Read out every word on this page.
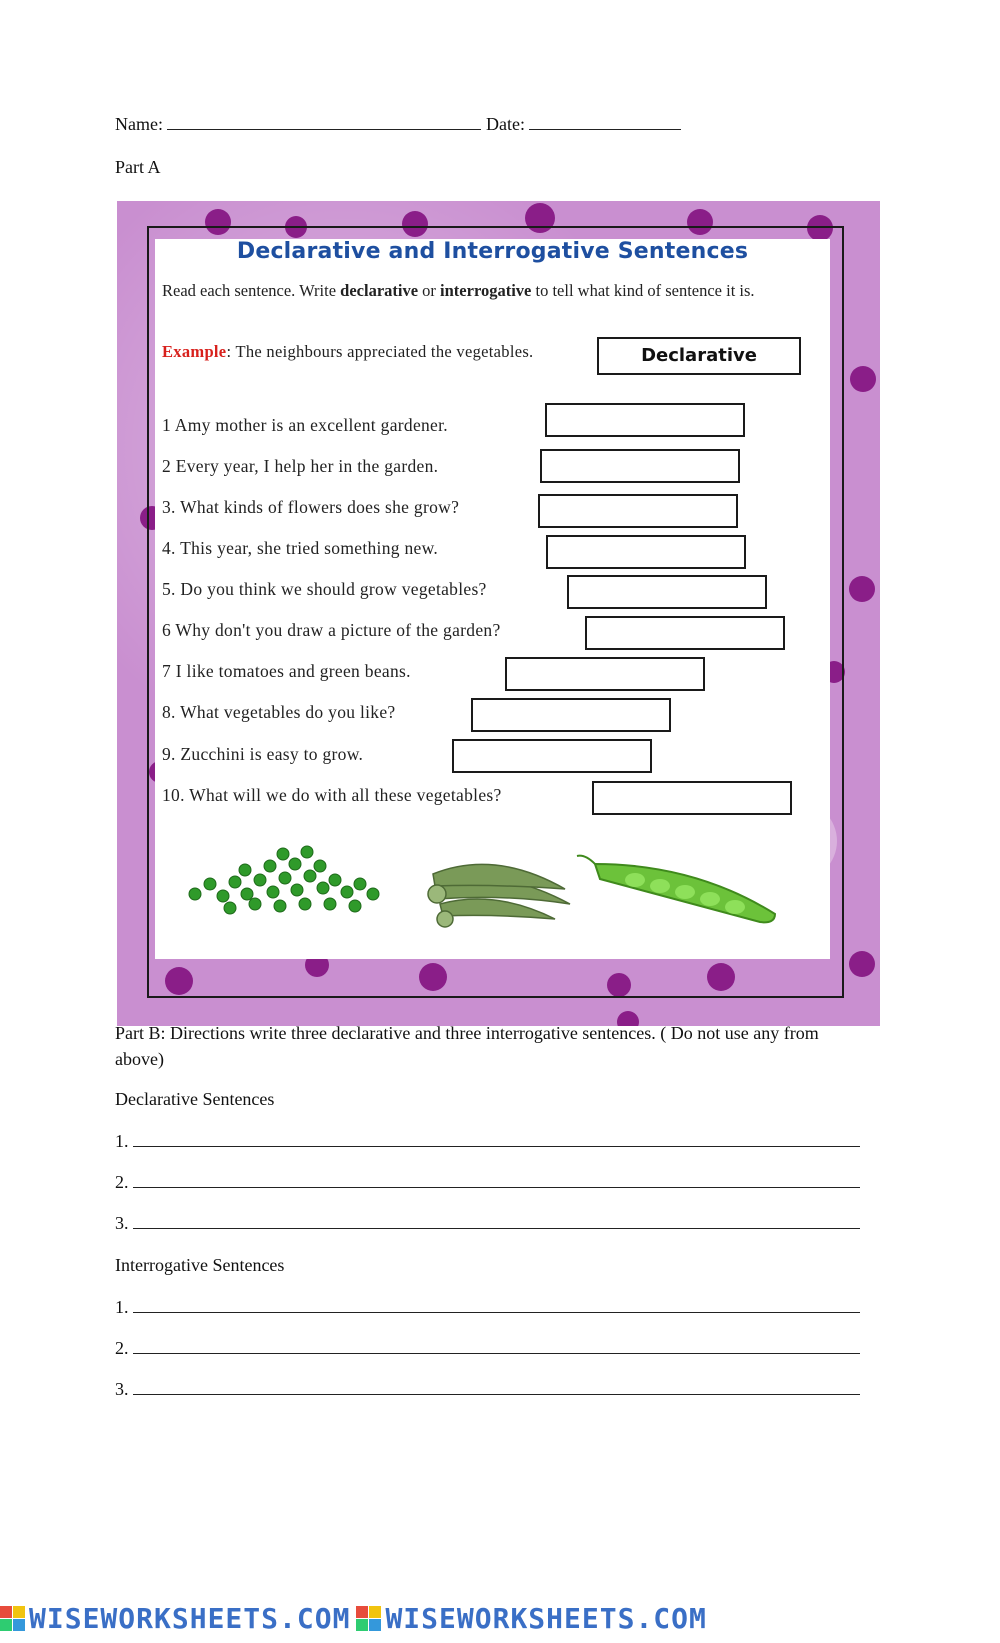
Name:	Date:
Part A
Declarative and Interrogative Sentences
Read each sentence. Write declarative or interrogative to tell what kind of sentence it is.
Example: The neighbours appreciated the vegetables.	Declarative
1 Amy mother is an excellent gardener.
2 Every year, I help her in the garden.
3. What kinds of flowers does she grow?
4. This year, she tried something new.
5. Do you think we should grow vegetables?
6 Why don't you draw a picture of the garden?
7 I like tomatoes and green beans.
8. What vegetables do you like?
9. Zucchini is easy to grow.
10. What will we do with all these vegetables?
Part B: Directions write three declarative and three interrogative sentences. ( Do not use any from above)
Declarative Sentences
1.
2.
3.
Interrogative Sentences
1.
2.
3.
WISEWORKSHEETS.COM WISEWORKSHEETS.COM
